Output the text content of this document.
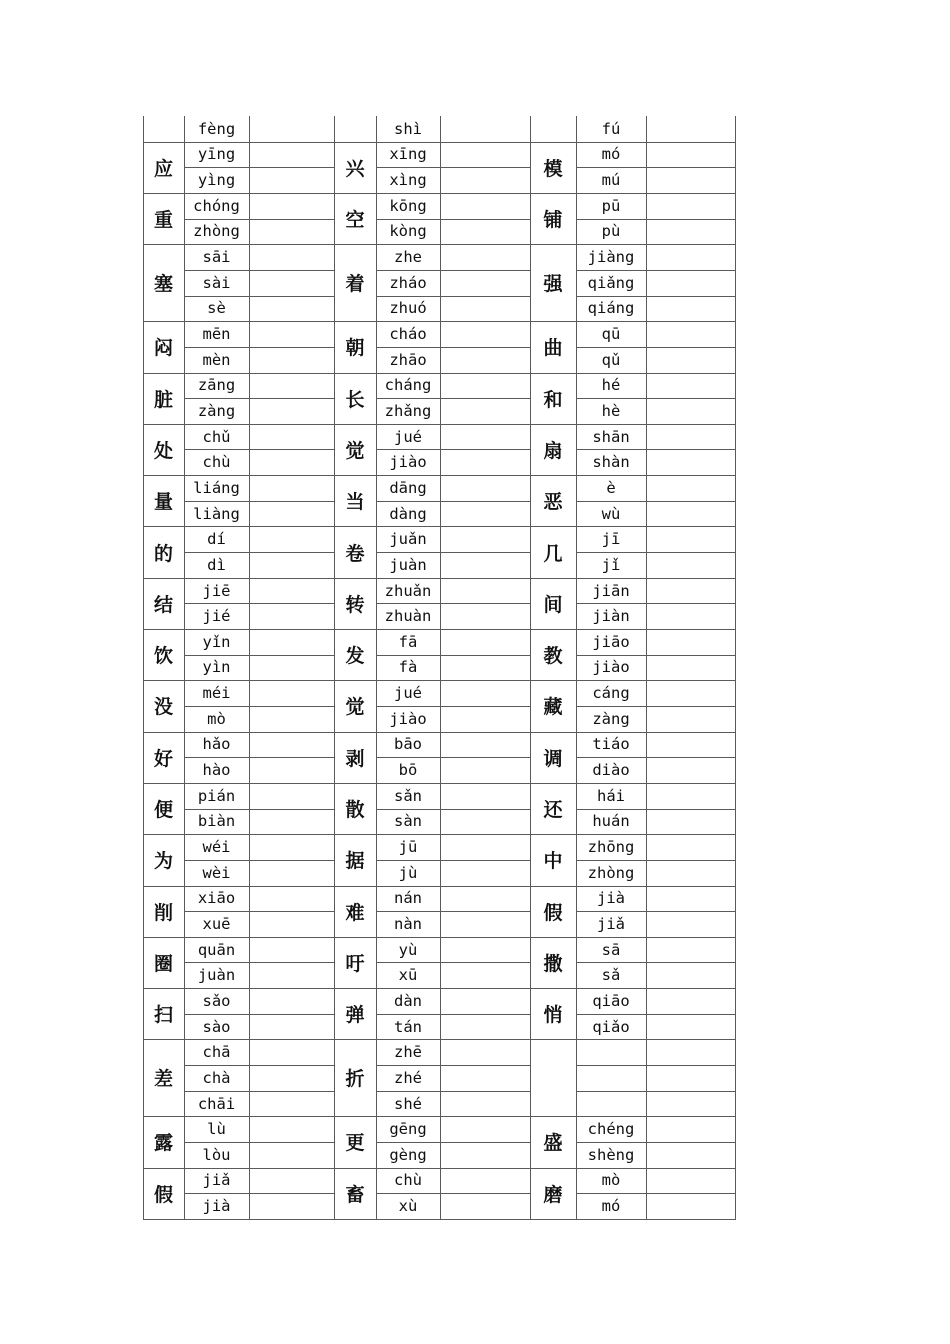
fèng
应
yīng
yìng
重
chóng
zhòng
塞
sāi
sài
sè
闷
mēn
mèn
脏
zāng
zàng
处
chǔ
chù
量
liáng
liàng
的
dí
dì
结
jiē
jié
饮
yǐn
yìn
没
méi
mò
好
hǎo
hào
便
pián
biàn
为
wéi
wèi
削
xiāo
xuē
圈
quān
juàn
扫
sǎo
sào
差
chā
chà
chāi
露
lù
lòu
假
jiǎ
jià
shì
兴
xīng
xìng
空
kōng
kòng
着
zhe
zháo
zhuó
朝
cháo
zhāo
长
cháng
zhǎng
觉
jué
jiào
当
dāng
dàng
卷
juǎn
juàn
转
zhuǎn
zhuàn
发
fā
fà
觉
jué
jiào
剥
bāo
bō
散
sǎn
sàn
据
jū
jù
难
nán
nàn
吁
yù
xū
弹
dàn
tán
折
zhē
zhé
shé
更
gēng
gèng
畜
chù
xù
fú
模
mó
mú
铺
pū
pù
强
jiàng
qiǎng
qiáng
曲
qū
qǔ
和
hé
hè
扇
shān
shàn
恶
è
wù
几
jī
jǐ
间
jiān
jiàn
教
jiāo
jiào
藏
cáng
zàng
调
tiáo
diào
还
hái
huán
中
zhōng
zhòng
假
jià
jiǎ
撒
sā
sǎ
悄
qiāo
qiǎo
盛
chéng
shèng
磨
mò
mó
